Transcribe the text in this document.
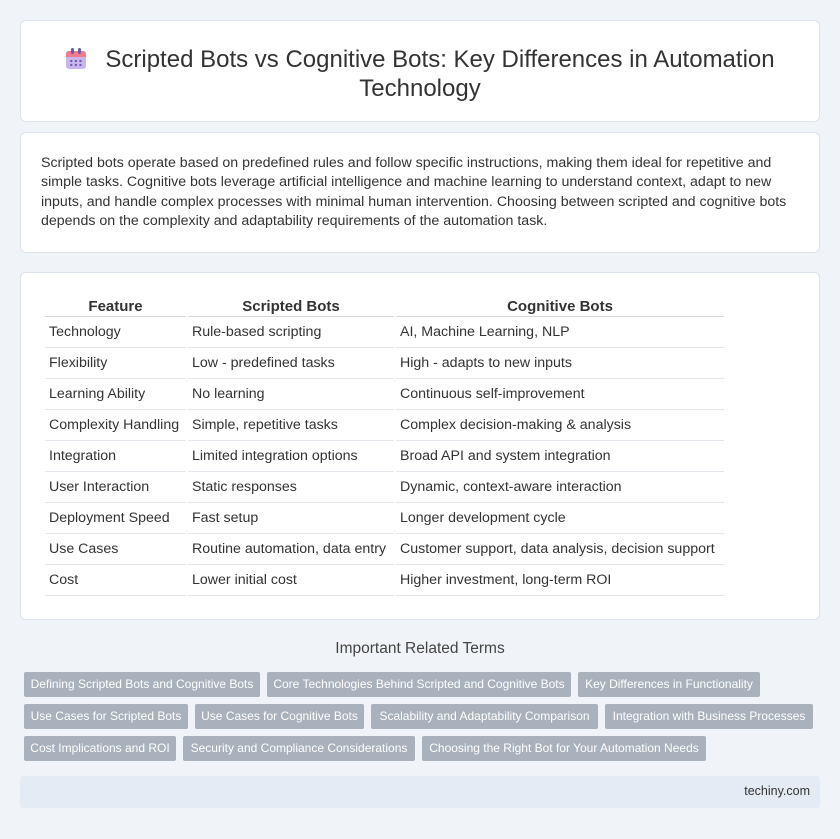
Scripted Bots vs Cognitive Bots: Key Differences in Automation Technology

Scripted bots operate based on predefined rules and follow specific instructions, making them ideal for repetitive and simple tasks. Cognitive bots leverage artificial intelligence and machine learning to understand context, adapt to new inputs, and handle complex processes with minimal human intervention. Choosing between scripted and cognitive bots depends on the complexity and adaptability requirements of the automation task.

Feature	Scripted Bots	Cognitive Bots
Technology	Rule-based scripting	AI, Machine Learning, NLP
Flexibility	Low - predefined tasks	High - adapts to new inputs
Learning Ability	No learning	Continuous self-improvement
Complexity Handling	Simple, repetitive tasks	Complex decision-making & analysis
Integration	Limited integration options	Broad API and system integration
User Interaction	Static responses	Dynamic, context-aware interaction
Deployment Speed	Fast setup	Longer development cycle
Use Cases	Routine automation, data entry	Customer support, data analysis, decision support
Cost	Lower initial cost	Higher investment, long-term ROI
Important Related Terms
Defining Scripted Bots and Cognitive Bots	Core Technologies Behind Scripted and Cognitive Bots	Key Differences in Functionality
Use Cases for Scripted Bots	Use Cases for Cognitive Bots	Scalability and Adaptability Comparison	Integration with Business Processes
Cost Implications and ROI	Security and Compliance Considerations	Choosing the Right Bot for Your Automation Needs
techiny.com
